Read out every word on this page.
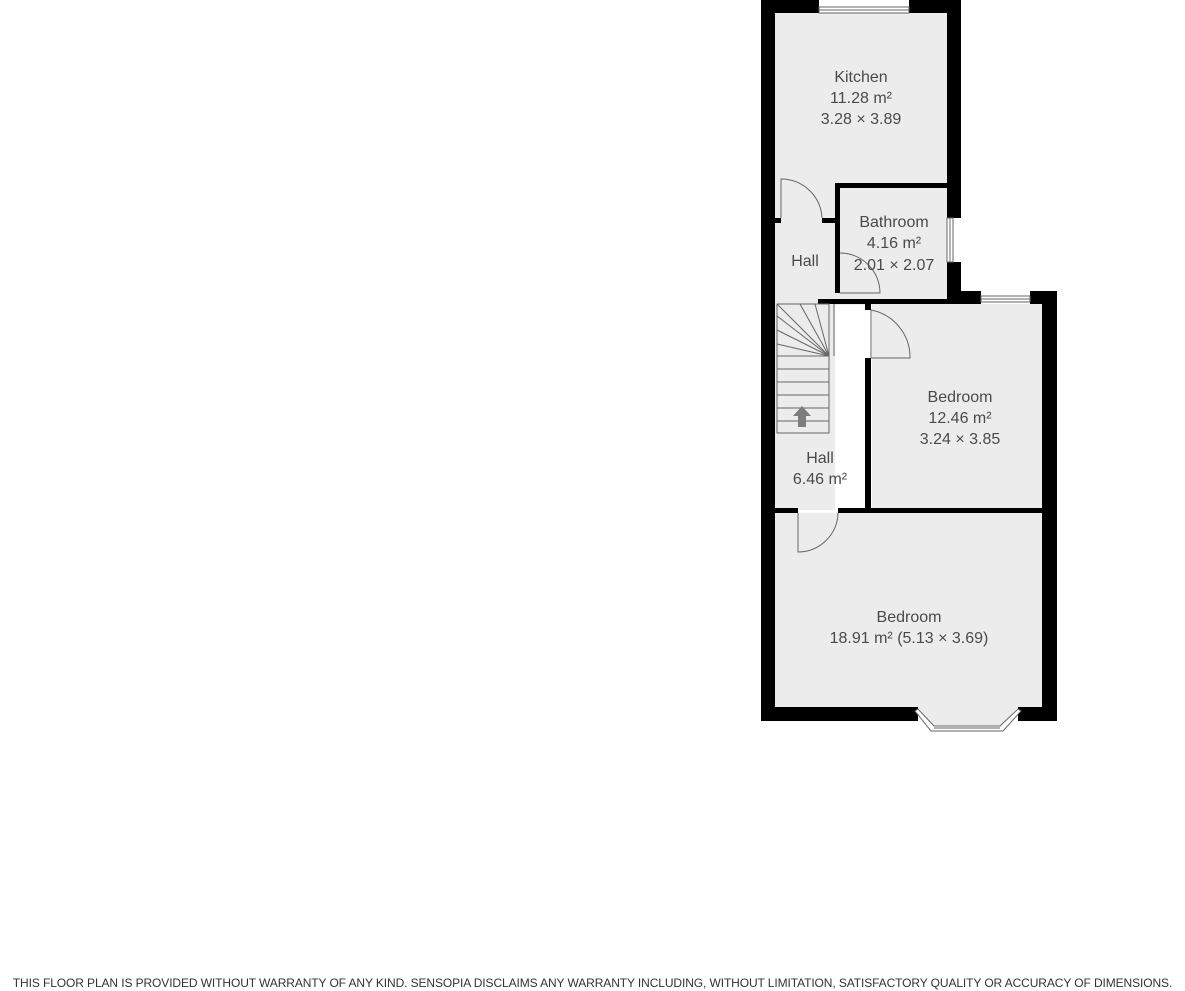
Kitchen
11.28 m²
3.28 × 3.89
Bathroom
4.16 m²
2.01 × 2.07
Hall
Hall
6.46 m²
Bedroom
12.46 m²
3.24 × 3.85
Bedroom
18.91 m² (5.13 × 3.69)
THIS FLOOR PLAN IS PROVIDED WITHOUT WARRANTY OF ANY KIND. SENSOPIA DISCLAIMS ANY WARRANTY INCLUDING, WITHOUT LIMITATION, SATISFACTORY QUALITY OR ACCURACY OF DIMENSIONS.
